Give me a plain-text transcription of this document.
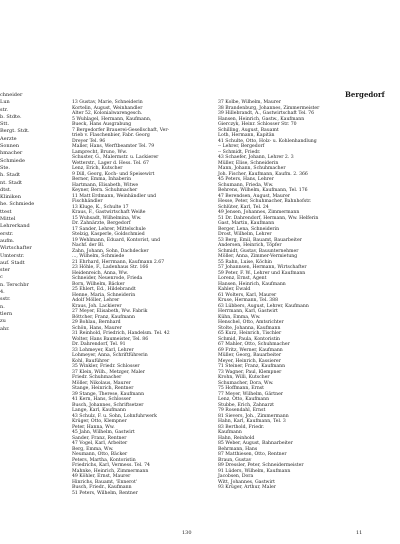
chneider
Lun
str.
b. Stdte.
Stt.
Bergt. Stdt.
Aerzte
Sonnen
hmacher
Schmiede
Ste.
h. Stadt
nt. Stadt
dtst.
Kliniken
he. Schmiede
ttest
Mittel
Lehrerkand
erstr.
aufm.
Wirtschafter
Umterstr.
auf. Stadt
ster
c
n. Terschbr
4.
sstr.
n.
tlern
zu
ahr.
Bergedorf
13 Gustav, Marie, Schneiderin
Kortelin, August, Weinhandler
Alter 52, Kolonialwarengesch.
5 Wuhlagel, Hermann, Kaufmann,
Bueck, Hans Ausgrabung
7 Bergedorfer Brauerei-Gesellschaft, Ver-
trieb v. Flaschenbier, Fabr. Georg
Dreyer Tel. 96
Maller, Hans, Werftbeamter Tel. 79
Lamprecht, Bruno, Ww.
Schuster, G., Malermstr. u. Lackierer
Wetterstr., Lager d. Hess. Tel. 67
Lenz, Erich, Kutscher
9 Dill, Georg, Koch- und Speisewirt
Berner, Emma, Inhaberin
Hartmann, Elisabeth, Witwe
Keyner, Bern. Schuhmacher
11 Matt Erdmann, Weinhändler und
Fischhändler
13 Kluge, K., Schulte 17
Kraus, F., Gastwirtschaft Weiße
15 Wuhsadt, Wilhelmina, Ww.
Dr. Zahnärzte, Bergedorf
17 Sander, Lehrer, Mittelschule
Stelzig, Kasperle, Goldschmied
19 Wehlmann, Eduard, Kontorist, und
Nachf. der Bl.
Zahn, Johann, Sohn, Dachdecker
..., Wilhelm, Schmiede
21 Ehrhard, Herrmann, Kaufmann 2.67
23 Höhle, F., Ladenhaus Str. 166
Heidenreich, Anna, Ww.
Schneider, Neuenrode, Frieda
Born, Wilhelm, Bäcker
25 Ehlert, Ed., Hildebrandt
Henne, Maria, Schneiderin
Adolf Möller, Lehrer
Kraus, Joh. Lackierer
27 Meyer, Elisabeth, Ww. Fabrik
Böttcher, Franz, Kaufmann
29 Bohlau, Bernhard
Schön, Hans, Maurer
31 Reinhold, Friedrich, Handelsm. Tel. 42
Wolter, Hans Baumeister, Tel. 86
Dr. Dahrendorf, Tel. 91
33 Lohmeyer, Karl, Lehrer
Lohmeyer, Anna, Schriftführerin
Kohl, Bauführer
35 Winkler, Friedr. Schlosser
37 Klein, Wilh., Metzger, Maler
Friedr. Schuhmacher
Möller, Nikolaus, Maurer
Stange, Heinrich, Rentner
39 Stange, Therese, Kaufmann
41 Kern, Hans, Schlosser
Busch, Johannes, Schriftsetzer
Lange, Karl, Kaufmann
43 Schulz, F. u. Sohn, Lohnfuhrwerk
Krüger, Otto, Klempner
Peter, Hanna, Ww.
45 Jahn, Wilhelm, Gastwirt
Sander, Franz, Rentner
47 Vogel, Karl, Arbeiter
Berg, Emma, Ww.
Neumann, Otto, Bäcker
Peters, Martha, Kontoristin
Friedrichs, Karl, Vermess. Tel. 74
Mahnke, Heinrich, Zimmermann
49 Köhler, Ernst, Maurer
Hinrichs, Bauamt, 'Ennerot'
Busch, Friedr., Kaufmann
51 Peters, Wilhelm, Rentner
37 Kolbe, Wilhelm, Maurer
38 Brandenburg, Johannes, Zimmermeister
39 Hillebrandt, A., Gastwirtschaft Tel. 76
Hansen, Heinrich, Gastw., Kaufmann
Gierczyk, Heinr. Schlosser Str. 70
Schilling, August, Bauamt
Loth, Hermann, Kapitän
41 Schulte, Otto, Holz- u. Kohlenhandlung
-- Lehrer, Bergedorf
-- Schmidt, Friedr.
43 Schaefer, Johann, Lehrer 2. 3
Müller, Elise, Schneiderin
Mann, Johann, Schuhmacher
Joh. Fischer, Kaufmann, Kaufm. 2. 366
45 Peters, Hans, Lehrer
Schumann, Frieda, Ww.
Behrens, Wilhelm, Kaufmann, Tel. 176
47 Berendsen, August, Maurer
Hesse, Peter, Schuhmacher, Bahnhofstr.
Schlüter, Karl, Tel. 24
49 Jensen, Johannes, Zimmermann
51 Dr. Dahrendorf, Hermann, Ww. Helferin
Gast, Martin, Kaufmann
Berger, Lena, Schneiderin
Drost, Wilhelm, Lehrer
53 Berg, Emil, Bauamt, Bauarbeiter
Andersen, Heinrich, Töpfer
Schmidt, Gustav, Bauunternehmer
Möller, Anna, Zimmer-Vermietung
55 Rahn, Luise, Köchin
57 Johannsen, Hermann, Wirtschafter
59 Peter, F. W., Lehrer und Kaufmann
Lorenz, Ernst, Agent
Hansen, Heinrich, Kaufmann
Kahler, Ewald
61 Wolters, Karl, Maurer
Kruse, Hermann, Tel. 388
63 Lübbers, August, Lehrer, Kaufmann
Herrmann, Karl, Gastwirt
Kühn, Emma, Ww.
Henschel, Otto, Amtsrichter
Stolte, Johanna, Kaufmann
65 Kurz, Heinrich, Tischler
Schmid, Paula, Kontoristin
67 Mahler, Otto, Schuhmacher
69 Fritz, Werner, Kaufmann
Müller, Georg, Bauarbeiter
Meyer, Heinrich, Kassierer
71 Steiner, Franz, Kaufmann
73 Wagner, Paul, Klempner
Krohn, Willi, Kutscher
Schumacher, Dora, Ww.
75 Hoffmann, Ernst
77 Meyer, Wilhelm, Gärtner
Lenz, Otto, Kaufmann
Stubbe, Erich, Zahnarzt
79 Rosendahl, Ernst
81 Sievers, Joh., Zimmermann
Hahn, Karl, Kaufmann, Tel. 3
83 Berthold, Friedr.
Kaufmann
Hahn, Reinhold
85 Weber, August, Bahnarbeiter
Behrmann, Hans
87 Matthiesen, Otto, Rentner
Braun, Gustav
89 Dressler, Peter, Schneidermeister
91 Lüders, Wilhelm, Kaufmann
Jacobsen, Dora
Witt, Johannes, Gastwirt
93 Krüger, Arthur, Maler
130	11
